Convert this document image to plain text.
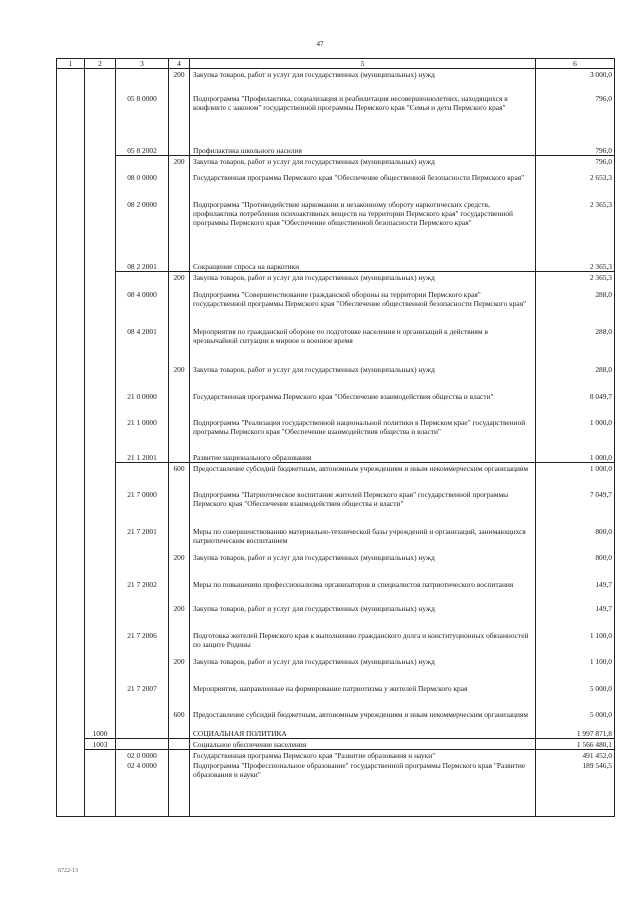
47
1	2	3	4	5	6
			200	Закупка товаров, работ и услуг для государственных (муниципальных) нужд	3 000,0
		05 8 0000		Подпрограмма "Профилактика, социализация и реабилитация несовершеннолетних, находящихся в конфликте с законом" государственной программы Пермского края "Семья и дети Пермского края"	796,0
		05 8 2002		Профилактика школьного насилия	796,0
			200	Закупка товаров, работ и услуг для государственных (муниципальных) нужд	796,0
		08 0 0000		Государственная программа Пермского края "Обеспечение общественной безопасности Пермского края"	2 653,3
		08 2 0000		Подпрограмма "Противодействие наркомании и незаконному обороту наркотических средств, профилактика потребления психоактивных веществ на территории Пермского края" государственной программы Пермского края "Обеспечение общественной безопасности Пермского края"	2 365,3
		08 2 2001		Сокращение спроса на наркотики	2 365,3
			200	Закупка товаров, работ и услуг для государственных (муниципальных) нужд	2 365,3
		08 4 0000		Подпрограмма "Совершенствование гражданской обороны на территории Пермского края" государственной программы Пермского края "Обеспечение общественной безопасности Пермского края"	288,0
		08 4 2001		Мероприятия по гражданской обороне по подготовке населения и организаций к действиям в чрезвычайной ситуации в мирное и военное время	288,0
			200	Закупка товаров, работ и услуг для государственных (муниципальных) нужд	288,0
		21 0 0000		Государственная программа Пермского края "Обеспечение взаимодействия общества и власти"	8 049,7
		21 1 0000		Подпрограмма "Реализация государственной национальной политики в Пермском крае" государственной программы Пермского края "Обеспечение взаимодействия общества и власти"	1 000,0
		21 1 2001		Развитие национального образования	1 000,0
			600	Предоставление субсидий бюджетным, автономным учреждениям и иным некоммерческим организациям	1 000,0
		21 7 0000		Подпрограмма "Патриотическое воспитание жителей Пермского края" государственной программы Пермского края "Обеспечение взаимодействия общества и власти"	7 049,7
		21 7 2001		Меры по совершенствованию материально-технической базы учреждений и организаций, занимающихся патриотическим воспитанием	800,0
			200	Закупка товаров, работ и услуг для государственных (муниципальных) нужд	800,0
		21 7 2002		Меры по повышению профессионализма организаторов и специалистов патриотического воспитания	149,7
			200	Закупка товаров, работ и услуг для государственных (муниципальных) нужд	149,7
		21 7 2006		Подготовка жителей Пермского края к выполнению гражданского долга и конституционных обязанностей по защите Родины	1 100,0
			200	Закупка товаров, работ и услуг для государственных (муниципальных) нужд	1 100,0
		21 7 2007		Мероприятия, направленные на формирование патриотизма у жителей Пермского края	5 000,0
			600	Предоставление субсидий бюджетным, автономным учреждениям и иным некоммерческим организациям	5 000,0
	1000			СОЦИАЛЬНАЯ ПОЛИТИКА	1 997 871,8
	1003			Социальное обеспечение населения	1 566 480,1
		02 0 0000		Государственная программа Пермского края "Развитие образования и науки"	491 452,0
		02 4 0000		Подпрограмма "Профессиональное образование" государственной программы Пермского края "Развитие образования и науки"	189 546,5
6722-13
